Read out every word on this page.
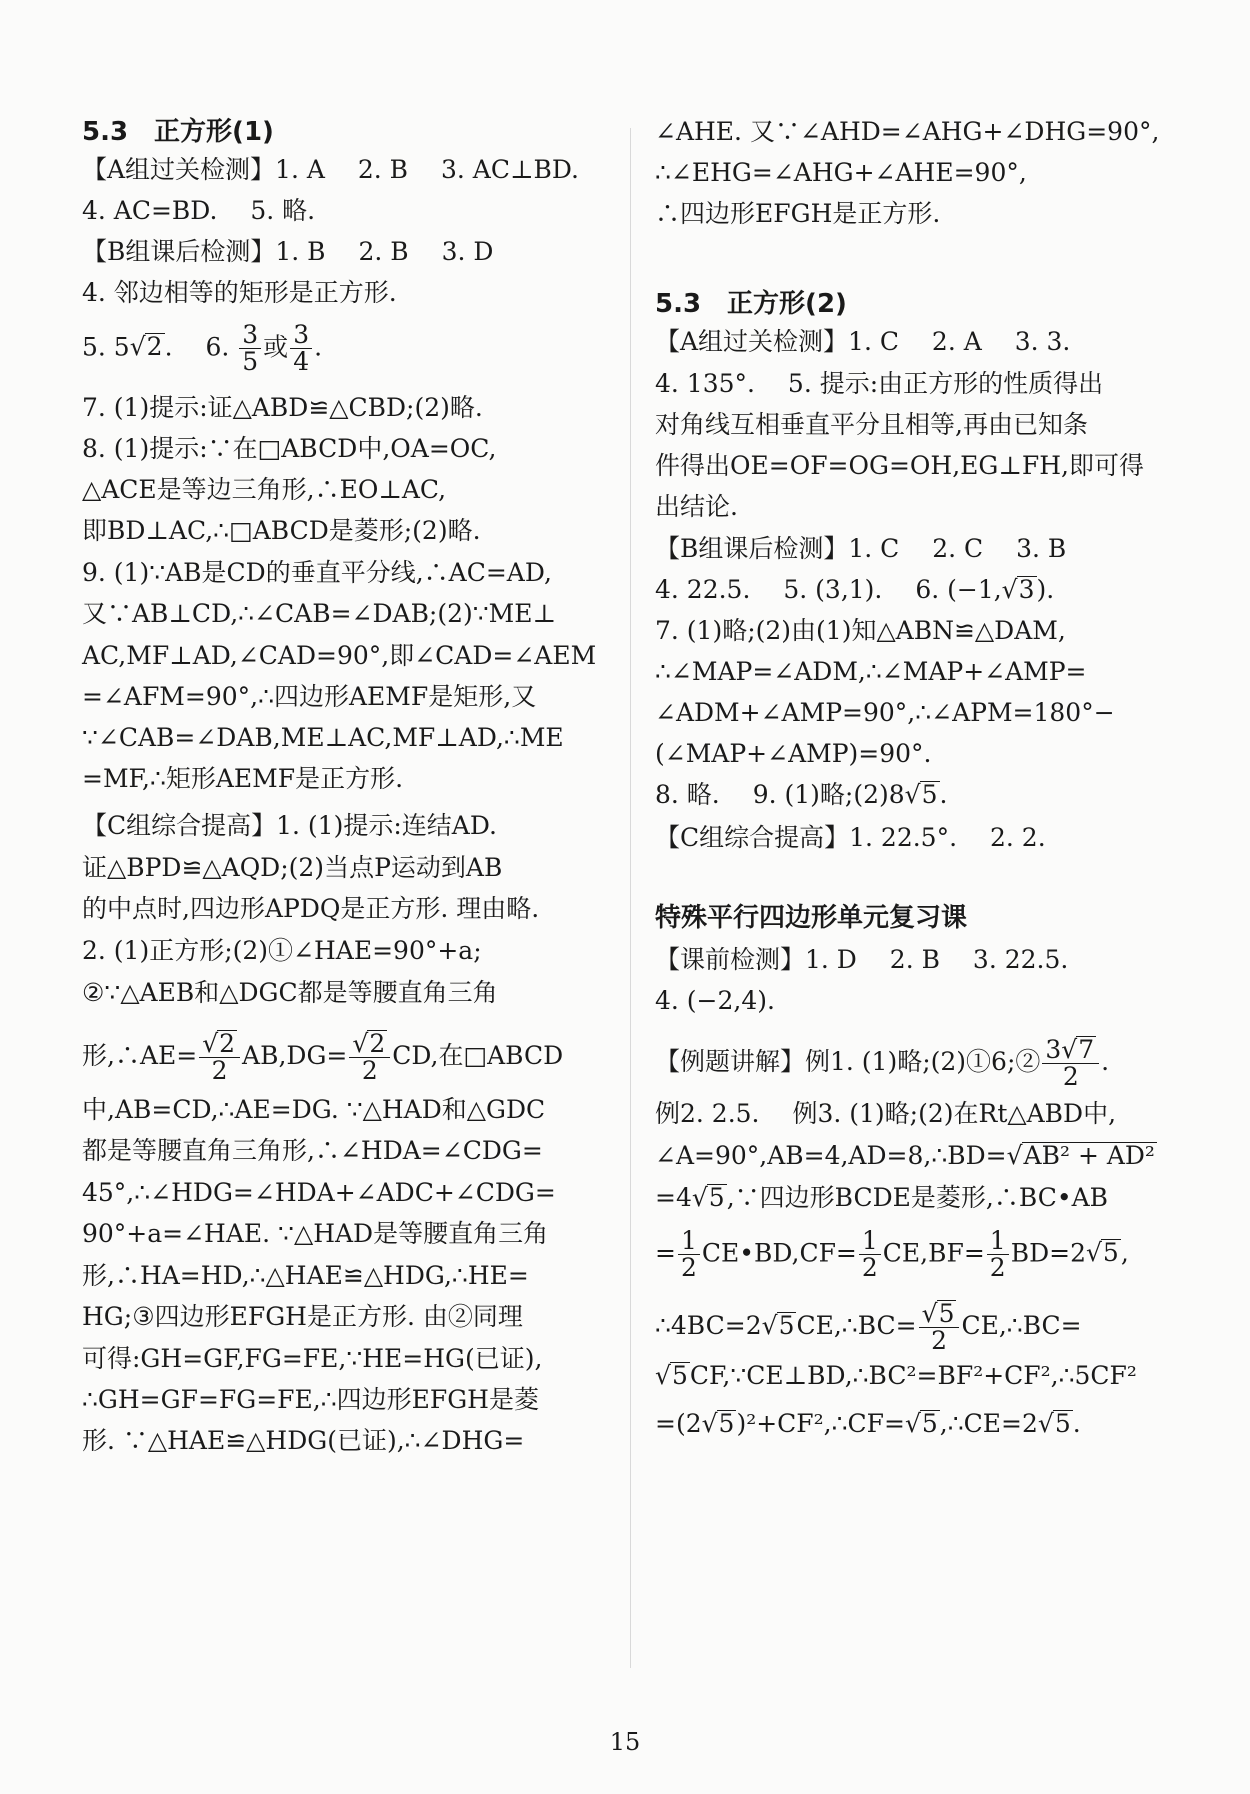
5.3　正方形(1)
【A组过关检测】1. A　 2. B　 3. AC⊥BD.
4. AC=BD.　 5. 略.
【B组课后检测】1. B　 2. B　 3. D
4. 邻边相等的矩形是正方形.
5. 5√2.　 6. $\frac{3}{5}$ 或 $\frac{3}{4}$ .
7. (1)提示:证△ABD≌△CBD;(2)略.
8. (1)提示:∵在□ABCD中,OA=OC,
△ACE是等边三角形,∴EO⊥AC,
即BD⊥AC,∴□ABCD是菱形;(2)略.
9. (1)∵AB是CD的垂直平分线,∴AC=AD,
又∵AB⊥CD,∴∠CAB=∠DAB;(2)∵ME⊥
AC,MF⊥AD,∠CAD=90°,即∠CAD=∠AEM
=∠AFM=90°,∴四边形AEMF是矩形,又
∵∠CAB=∠DAB,ME⊥AC,MF⊥AD,∴ME
=MF,∴矩形AEMF是正方形.
【C组综合提高】1. (1)提示:连结AD.
证△BPD≌△AQD;(2)当点P运动到AB
的中点时,四边形APDQ是正方形. 理由略.
2. (1)正方形;(2)①∠HAE=90°+a;
②∵△AEB和△DGC都是等腰直角三角
形,∴AE= $\frac{√2}{2} AB,DG= \frac{√2}{2}$ CD,在□ABCD
中,AB=CD,∴AE=DG. ∵△HAD和△GDC
都是等腰直角三角形,∴∠HDA=∠CDG=
45°,∴∠HDG=∠HDA+∠ADC+∠CDG=
90°+a=∠HAE. ∵△HAD是等腰直角三角
形,∴HA=HD,∴△HAE≌△HDG,∴HE=
HG;③四边形EFGH是正方形. 由②同理
可得:GH=GF,FG=FE,∵HE=HG(已证),
∴GH=GF=FG=FE,∴四边形EFGH是菱
形. ∵△HAE≌△HDG(已证),∴∠DHG=
∠AHE. 又∵∠AHD=∠AHG+∠DHG=90°,
∴∠EHG=∠AHG+∠AHE=90°,
∴四边形EFGH是正方形.
5.3　正方形(2)
【A组过关检测】1. C　 2. A　 3. 3.
4. 135°.　 5. 提示:由正方形的性质得出
对角线互相垂直平分且相等,再由已知条
件得出OE=OF=OG=OH,EG⊥FH,即可得
出结论.
【B组课后检测】1. C　 2. C　 3. B
4. 22.5.　 5. (3,1).　 6. (−1,√3).
7. (1)略;(2)由(1)知△ABN≌△DAM,
∴∠MAP=∠ADM,∴∠MAP+∠AMP=
∠ADM+∠AMP=90°,∴∠APM=180°−
(∠MAP+∠AMP)=90°.
8. 略.　 9. (1)略;(2)8√5.
【C组综合提高】1. 22.5°.　 2. 2.
特殊平行四边形单元复习课
【课前检测】1. D　 2. B　 3. 22.5.
4. (−2,4).
【例题讲解】例1. (1)略;(2)①6;② $\frac{3√7}{2}$ .
例2. 2.5.　 例3. (1)略;(2)在Rt△ABD中,
∠A=90°,AB=4,AD=8,∴BD=√AB² + AD²
=4√5,∵四边形BCDE是菱形,∴BC•AB
= $\frac{1}{2}$ CE•BD,CF= $\frac{1}{2} CE,BF= \frac{1}{2} BD=2√5$,
∴4BC=2√5CE,∴BC= $\frac{√5}{2}$ CE,∴BC=
√5CF,∵CE⊥BD,∴BC²=BF²+CF²,∴5CF²
=(2√5)²+CF²,∴CF=√5,∴CE=2√5.
15
